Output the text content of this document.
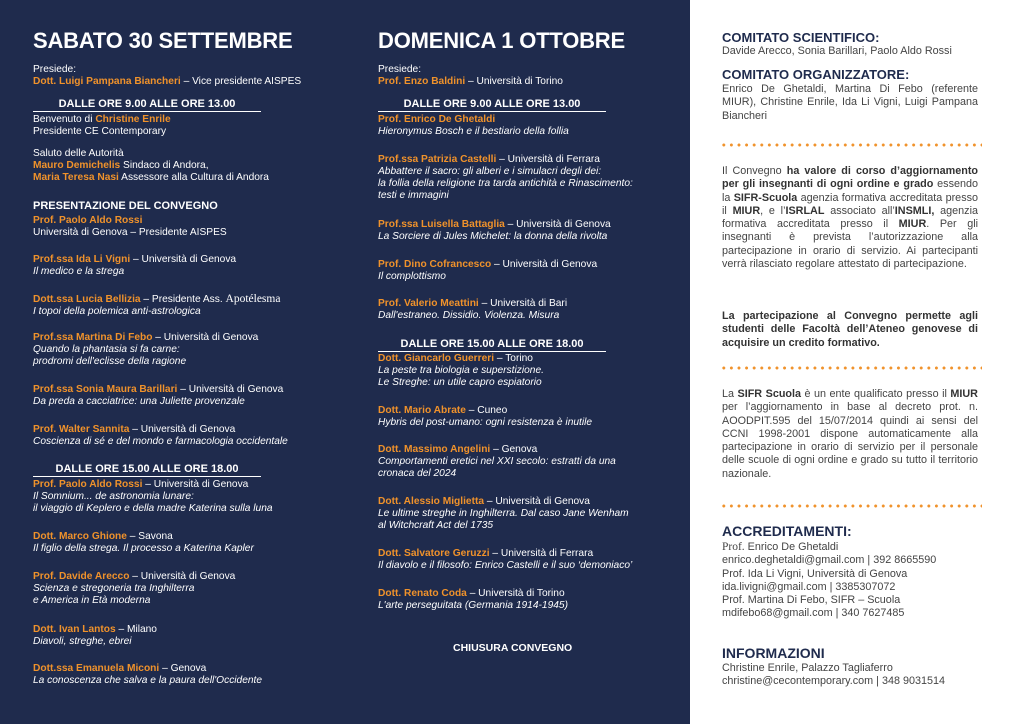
SABATO 30 SETTEMBRE
Presiede:
Dott. Luigi Pampana Biancheri – Vice presidente AISPES
DALLE ORE 9.00 ALLE ORE 13.00
Benvenuto di Christine Enrile
Presidente CE Contemporary
Saluto delle Autorità
Mauro Demichelis Sindaco di Andora,
Maria Teresa Nasi Assessore alla Cultura di Andora
PRESENTAZIONE DEL CONVEGNO
Prof. Paolo Aldo Rossi
Università di Genova – Presidente AISPES
Prof.ssa Ida Li Vigni – Università di Genova
Il medico e la strega
Dott.ssa Lucia Bellizia – Presidente Ass. Apotélesma
I topoi della polemica anti-astrologica
Prof.ssa Martina Di Febo – Università di Genova
Quando la phantasia si fa carne:
prodromi dell'eclisse della ragione
Prof.ssa Sonia Maura Barillari – Università di Genova
Da preda a cacciatrice: una Juliette provenzale
Prof. Walter Sannita – Università di Genova
Coscienza di sé e del mondo e farmacologia occidentale
DALLE ORE 15.00 ALLE ORE 18.00
Prof. Paolo Aldo Rossi – Università di Genova
Il Somnium... de astronomia lunare:
il viaggio di Keplero e della madre Katerina sulla luna
Dott. Marco Ghione – Savona
Il figlio della strega. Il processo a Katerina Kapler
Prof. Davide Arecco – Università di Genova
Scienza e stregoneria tra Inghilterra
e America in Età moderna
Dott. Ivan Lantos – Milano
Diavoli, streghe, ebrei
Dott.ssa Emanuela Miconi – Genova
La conoscenza che salva e la paura dell'Occidente
DOMENICA 1 OTTOBRE
Presiede:
Prof. Enzo Baldini – Università di Torino
DALLE ORE 9.00 ALLE ORE 13.00
Prof. Enrico De Ghetaldi
Hieronymus Bosch e il bestiario della follia
Prof.ssa Patrizia Castelli – Università di Ferrara
Abbattere il sacro: gli alberi e i simulacri degli dei:
la follia della religione tra tarda antichità e Rinascimento:
testi e immagini
Prof.ssa Luisella Battaglia – Università di Genova
La Sorciere di Jules Michelet: la donna della rivolta
Prof. Dino Cofrancesco – Università di Genova
Il complottismo
Prof. Valerio Meattini – Università di Bari
Dall'estraneo. Dissidio. Violenza. Misura
DALLE ORE 15.00 ALLE ORE 18.00
Dott. Giancarlo Guerreri – Torino
La peste tra biologia e superstizione.
Le Streghe: un utile capro espiatorio
Dott. Mario Abrate – Cuneo
Hybris del post-umano: ogni resistenza è inutile
Dott. Massimo Angelini – Genova
Comportamenti eretici nel XXI secolo: estratti da una
cronaca del 2024
Dott. Alessio Miglietta – Università di Genova
Le ultime streghe in Inghilterra. Dal caso Jane Wenham
al Witchcraft Act del 1735
Dott. Salvatore Geruzzi – Università di Ferrara
Il diavolo e il filosofo: Enrico Castelli e il suo ‘demoniaco’
Dott. Renato Coda – Università di Torino
L'arte perseguitata (Germania 1914-1945)
CHIUSURA CONVEGNO
COMITATO SCIENTIFICO:
Davide Arecco, Sonia Barillari, Paolo Aldo Rossi
COMITATO ORGANIZZATORE:
Enrico De Ghetaldi, Martina Di Febo (referente MIUR), Christine Enrile, Ida Li Vigni, Luigi Pampana Biancheri
Il Convegno ha valore di corso d’aggiornamento per gli insegnanti di ogni ordine e grado essendo la SIFR-Scuola agenzia formativa accreditata presso il MIUR, e l’ISRLAL associato all’INSMLI, agenzia formativa accreditata presso il MIUR. Per gli insegnanti è prevista l’autorizzazione alla partecipazione in orario di servizio. Ai partecipanti verrà rilasciato regolare attestato di partecipazione.
La partecipazione al Convegno permette agli studenti delle Facoltà dell’Ateneo genovese di acquisire un credito formativo.
La SIFR Scuola è un ente qualificato presso il MIUR per l’aggiornamento in base al decreto prot. n. AOODPIT.595 del 15/07/2014 quindi ai sensi del CCNI 1998-2001 dispone automaticamente alla partecipazione in orario di servizio per il personale delle scuole di ogni ordine e grado su tutto il territorio nazionale.
ACCREDITAMENTI:
Prof. Enrico De Ghetaldi
enrico.deghetaldi@gmail.com | 392 8665590
Prof. Ida Li Vigni, Università di Genova
ida.livigni@gmail.com | 3385307072
Prof. Martina Di Febo, SIFR – Scuola
mdifebo68@gmail.com | 340 7627485
INFORMAZIONI
Christine Enrile, Palazzo Tagliaferro
christine@cecontemporary.com | 348 9031514
